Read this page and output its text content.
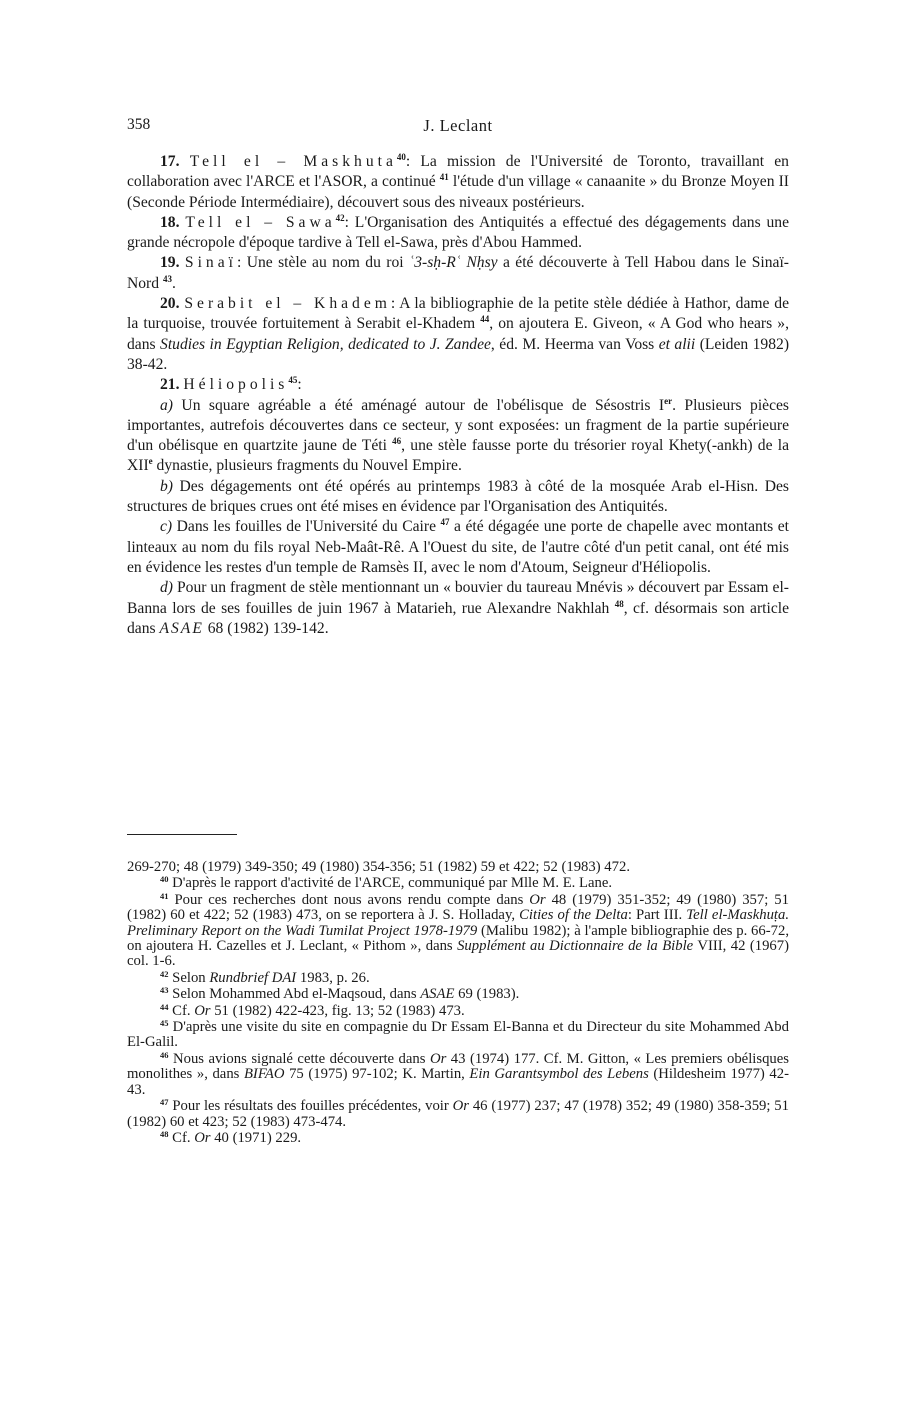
358	J. Leclant

17. Tell el – Maskhuta$^{40}$: La mission de l'Université de Toronto, travaillant en collaboration avec l'ARCE et l'ASOR, a continué $^{41}$ l'étude d'un village « canaanite » du Bronze Moyen II (Seconde Période Intermédiaire), découvert sous des niveaux postérieurs.

18. Tell el – Sawa$^{42}$: L'Organisation des Antiquités a effectué des dégagements dans une grande nécropole d'époque tardive à Tell el-Sawa, près d'Abou Hammed.

19. Sinaï: Une stèle au nom du roi ʿ3-sḥ-Rʿ Nḥsy a été découverte à Tell Habou dans le Sinaï-Nord $^{43}$.

20. Serabit el – Khadem: A la bibliographie de la petite stèle dédiée à Hathor, dame de la turquoise, trouvée fortuitement à Serabit el-Khadem $^{44}$, on ajoutera E. Giveon, « A God who hears », dans Studies in Egyptian Religion, dedicated to J. Zandee, éd. M. Heerma van Voss et alii (Leiden 1982) 38-42.

21. Héliopolis$^{45}$:

a) Un square agréable a été aménagé autour de l'obélisque de Sésostris Ier. Plusieurs pièces importantes, autrefois découvertes dans ce secteur, y sont exposées: un fragment de la partie supérieure d'un obélisque en quartzite jaune de Téti $^{46}$, une stèle fausse porte du trésorier royal Khety(-ankh) de la XIIe dynastie, plusieurs fragments du Nouvel Empire.

b) Des dégagements ont été opérés au printemps 1983 à côté de la mosquée Arab el-Hisn. Des structures de briques crues ont été mises en évidence par l'Organisation des Antiquités.

c) Dans les fouilles de l'Université du Caire $^{47}$ a été dégagée une porte de chapelle avec montants et linteaux au nom du fils royal Neb-Maât-Rê. A l'Ouest du site, de l'autre côté d'un petit canal, ont été mis en évidence les restes d'un temple de Ramsès II, avec le nom d'Atoum, Seigneur d'Héliopolis.

d) Pour un fragment de stèle mentionnant un « bouvier du taureau Mnévis » découvert par Essam el-Banna lors de ses fouilles de juin 1967 à Matarieh, rue Alexandre Nakhlah $^{48}$, cf. désormais son article dans ASAE 68 (1982) 139-142.

269-270; 48 (1979) 349-350; 49 (1980) 354-356; 51 (1982) 59 et 422; 52 (1983) 472.

$^{40}$ D'après le rapport d'activité de l'ARCE, communiqué par Mlle M. E. Lane.

$^{41}$ Pour ces recherches dont nous avons rendu compte dans Or 48 (1979) 351-352; 49 (1980) 357; 51 (1982) 60 et 422; 52 (1983) 473, on se reportera à J. S. Holladay, Cities of the Delta: Part III. Tell el-Maskhuṭa. Preliminary Report on the Wadi Tumilat Project 1978-1979 (Malibu 1982); à l'ample bibliographie des p. 66-72, on ajoutera H. Cazelles et J. Leclant, « Pithom », dans Supplément au Dictionnaire de la Bible VIII, 42 (1967) col. 1-6.

$^{42}$ Selon Rundbrief DAI 1983, p. 26.

$^{43}$ Selon Mohammed Abd el-Maqsoud, dans ASAE 69 (1983).

$^{44}$ Cf. Or 51 (1982) 422-423, fig. 13; 52 (1983) 473.

$^{45}$ D'après une visite du site en compagnie du Dr Essam El-Banna et du Directeur du site Mohammed Abd El-Galil.

$^{46}$ Nous avions signalé cette découverte dans Or 43 (1974) 177. Cf. M. Gitton, « Les premiers obélisques monolithes », dans BIFAO 75 (1975) 97-102; K. Martin, Ein Garantsymbol des Lebens (Hildesheim 1977) 42-43.

$^{47}$ Pour les résultats des fouilles précédentes, voir Or 46 (1977) 237; 47 (1978) 352; 49 (1980) 358-359; 51 (1982) 60 et 423; 52 (1983) 473-474.

$^{48}$ Cf. Or 40 (1971) 229.
